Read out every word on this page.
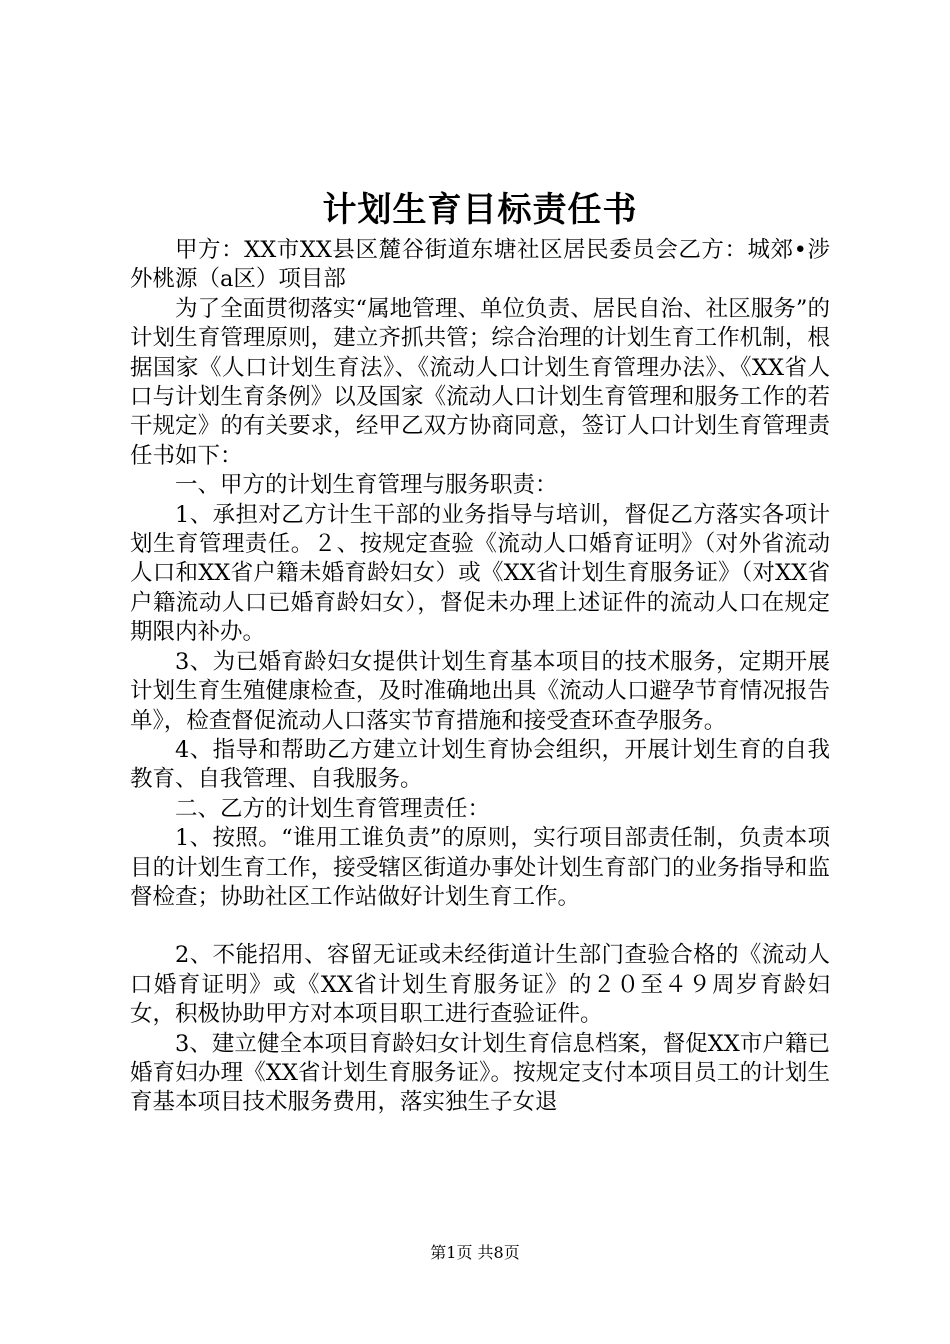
计划生育目标责任书

甲方：XX市XX县区麓谷街道东塘社区居民委员会乙方：城郊•涉外桃源（a区）项目部

为了全面贯彻落实“属地管理、单位负责、居民自治、社区服务”的计划生育管理原则，建立齐抓共管；综合治理的计划生育工作机制，根据国家《人口计划生育法》、《流动人口计划生育管理办法》、《XX省人口与计划生育条例》以及国家《流动人口计划生育管理和服务工作的若干规定》的有关要求，经甲乙双方协商同意，签订人口计划生育管理责任书如下：

一、甲方的计划生育管理与服务职责：

1、承担对乙方计生干部的业务指导与培训，督促乙方落实各项计划生育管理责任。２、按规定查验《流动人口婚育证明》（对外省流动人口和XX省户籍未婚育龄妇女）或《XX省计划生育服务证》（对XX省户籍流动人口已婚育龄妇女），督促未办理上述证件的流动人口在规定期限内补办。

3、为已婚育龄妇女提供计划生育基本项目的技术服务，定期开展计划生育生殖健康检查，及时准确地出具《流动人口避孕节育情况报告单》，检查督促流动人口落实节育措施和接受查环查孕服务。

4、指导和帮助乙方建立计划生育协会组织，开展计划生育的自我教育、自我管理、自我服务。

二、乙方的计划生育管理责任：

1、按照。“谁用工谁负责”的原则，实行项目部责任制，负责本项目的计划生育工作，接受辖区街道办事处计划生育部门的业务指导和监督检查；协助社区工作站做好计划生育工作。

2、不能招用、容留无证或未经街道计生部门查验合格的《流动人口婚育证明》或《XX省计划生育服务证》的２０至４９周岁育龄妇女，积极协助甲方对本项目职工进行查验证件。

3、建立健全本项目育龄妇女计划生育信息档案，督促XX市户籍已婚育妇办理《XX省计划生育服务证》。按规定支付本项目员工的计划生育基本项目技术服务费用，落实独生子女退

第1页 共8页
